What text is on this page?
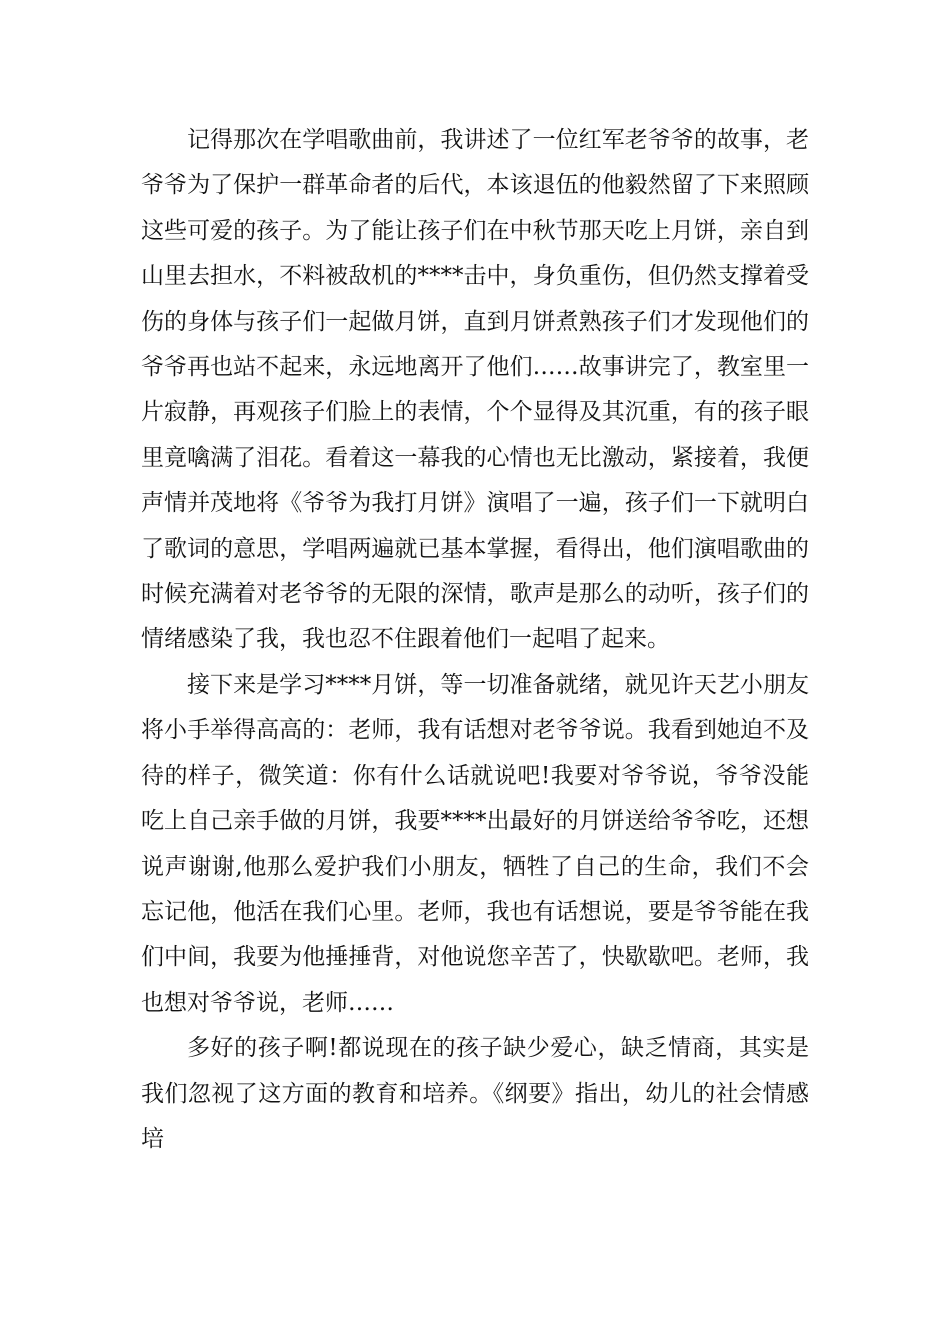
记得那次在学唱歌曲前，我讲述了一位红军老爷爷的故事，老爷爷为了保护一群革命者的后代，本该退伍的他毅然留了下来照顾这些可爱的孩子。为了能让孩子们在中秋节那天吃上月饼，亲自到山里去担水，不料被敌机的****击中，身负重伤，但仍然支撑着受伤的身体与孩子们一起做月饼，直到月饼煮熟孩子们才发现他们的爷爷再也站不起来，永远地离开了他们……故事讲完了，教室里一片寂静，再观孩子们脸上的表情，个个显得及其沉重，有的孩子眼里竟噙满了泪花。看着这一幕我的心情也无比激动，紧接着，我便声情并茂地将《爷爷为我打月饼》演唱了一遍，孩子们一下就明白了歌词的意思，学唱两遍就已基本掌握，看得出，他们演唱歌曲的时候充满着对老爷爷的无限的深情，歌声是那么的动听，孩子们的情绪感染了我，我也忍不住跟着他们一起唱了起来。

接下来是学习****月饼，等一切准备就绪，就见许天艺小朋友将小手举得高高的：老师，我有话想对老爷爷说。我看到她迫不及待的样子，微笑道：你有什么话就说吧!我要对爷爷说，爷爷没能吃上自己亲手做的月饼，我要****出最好的月饼送给爷爷吃，还想说声谢谢,他那么爱护我们小朋友，牺牲了自己的生命，我们不会忘记他，他活在我们心里。老师，我也有话想说，要是爷爷能在我们中间，我要为他捶捶背，对他说您辛苦了，快歇歇吧。老师，我也想对爷爷说，老师……

多好的孩子啊!都说现在的孩子缺少爱心，缺乏情商，其实是我们忽视了这方面的教育和培养。《纲要》指出，幼儿的社会情感培
